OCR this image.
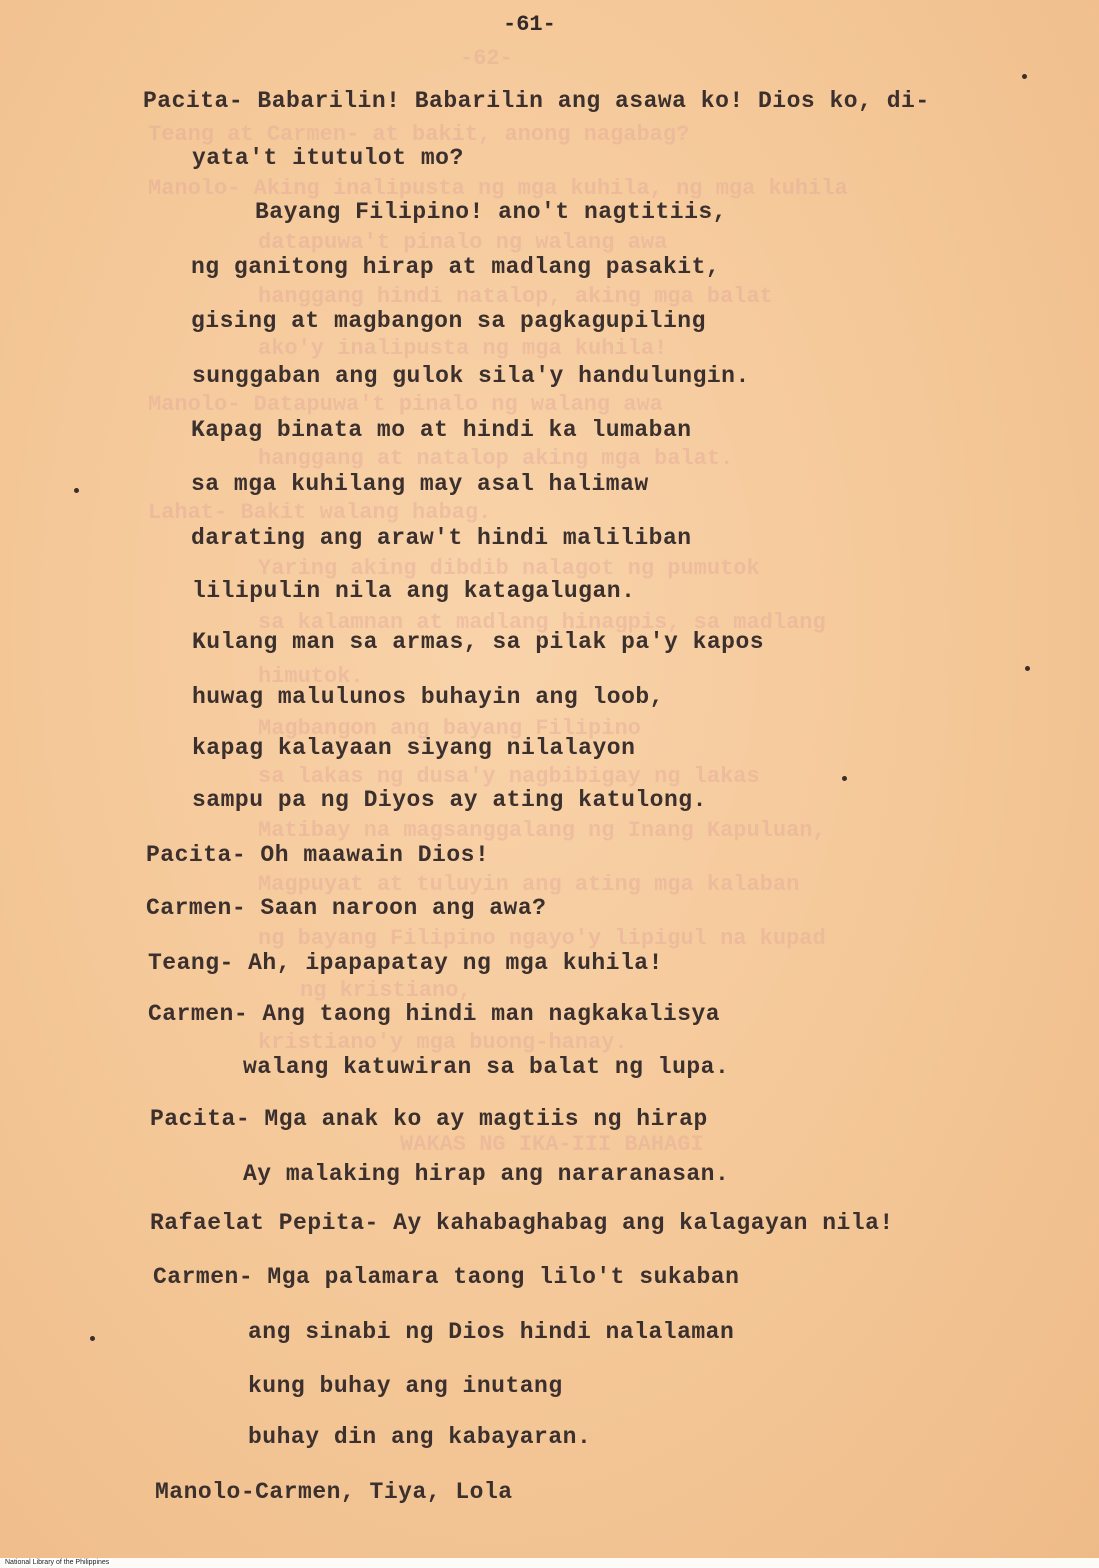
-62-
Teang at Carmen- at bakit, anong nagabag?
Manolo- Aking inalipusta ng mga kuhila, ng mga kuhila
datapuwa't pinalo ng walang awa
hanggang hindi natalop, aking mga balat
ako'y inalipusta ng mga kuhila!
Manolo- Datapuwa't pinalo ng walang awa
hanggang at natalop aking mga balat.
Lahat- Bakit walang habag.
Yaring aking dibdib nalagot ng pumutok
sa kalamnan at madlang hinagpis, sa madlang
himutok.
Magbangon ang bayang Filipino
sa lakas ng dusa'y nagbibigay ng lakas
Matibay na magsanggalang ng Inang Kapuluan,
Magpuyat at tuluyin ang ating mga kalaban
ng bayang Filipino ngayo'y lipigul na kupad
ng kristiano,
kristiano'y mga buong-hanay.
WAKAS NG IKA-III BAHAGI
-61-
Pacita- Babarilin! Babarilin ang asawa ko! Dios ko, di-
yata't itutulot mo?
Bayang Filipino! ano't nagtitiis,
ng ganitong hirap at madlang pasakit,
gising at magbangon sa pagkagupiling
sunggaban ang gulok sila'y handulungin.
Kapag binata mo at hindi ka lumaban
sa mga kuhilang may asal halimaw
darating ang araw't hindi maliliban
lilipulin nila ang katagalugan.
Kulang man sa armas, sa pilak pa'y kapos
huwag malulunos buhayin ang loob,
kapag kalayaan siyang nilalayon
sampu pa ng Diyos ay ating katulong.
Pacita- Oh maawain Dios!
Carmen- Saan naroon ang awa?
Teang- Ah, ipapapatay ng mga kuhila!
Carmen- Ang taong hindi man nagkakalisya
walang katuwiran sa balat ng lupa.
Pacita- Mga anak ko ay magtiis ng hirap
Ay malaking hirap ang nararanasan.
Rafaelat Pepita- Ay kahabaghabag ang kalagayan nila!
Carmen- Mga palamara taong lilo't sukaban
ang sinabi ng Dios hindi nalalaman
kung buhay ang inutang
buhay din ang kabayaran.
Manolo-Carmen, Tiya, Lola
National Library of the Philippines
